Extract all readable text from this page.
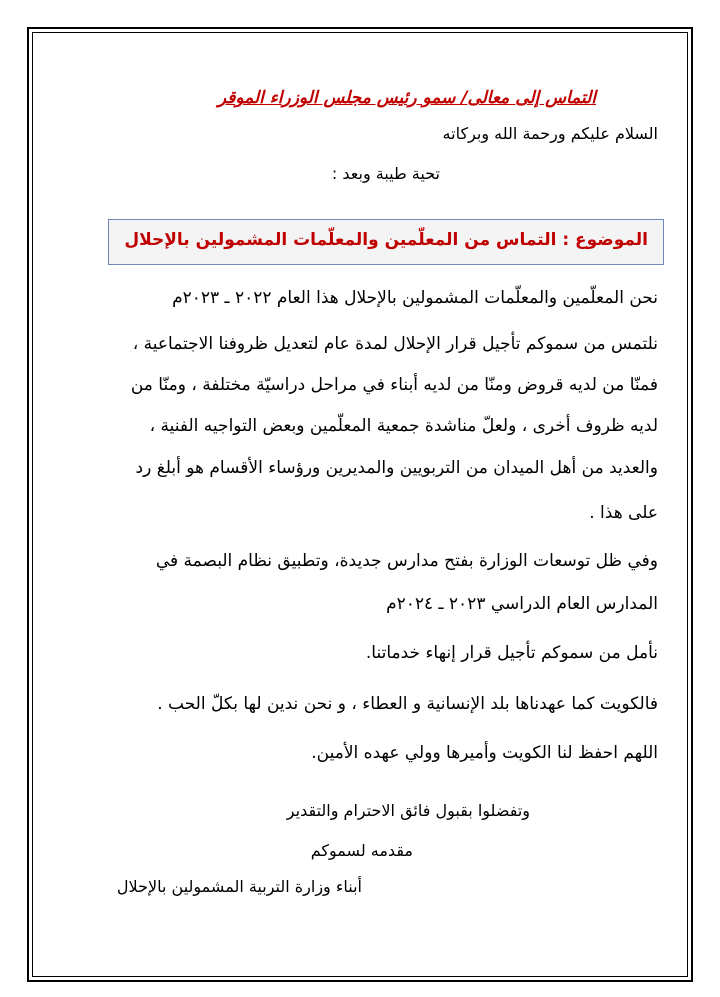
التماس إلى معالى/ سمو رئيس مجلس الوزراء الموقر
السلام عليكم ورحمة الله وبركاته
تحية طيبة وبعد :
الموضوع : التماس من المعلّمين والمعلّمات المشمولين بالإحلال
نحن المعلّمين والمعلّمات المشمولين بالإحلال هذا العام ٢٠٢٢ ـ ٢٠٢٣م
نلتمس من سموكم تأجيل قرار الإحلال لمدة عام لتعديل ظروفنا الاجتماعية ،
فمنّا من لديه قروض ومنّا من لديه أبناء في مراحل دراسيّة مختلفة ، ومنّا من
لديه ظروف أخرى ، ولعلّ مناشدة جمعية المعلّمين وبعض التواجيه الفنية ،
والعديد من أهل الميدان من التربويين والمديرين ورؤساء الأقسام هو أبلغ رد
على هذا .
وفي ظل توسعات الوزارة بفتح مدارس جديدة، وتطبيق نظام البصمة في
المدارس العام الدراسي ٢٠٢٣ ـ ٢٠٢٤م
نأمل من سموكم تأجيل قرار إنهاء خدماتنا.
فالكويت كما عهدناها بلد الإنسانية و العطاء ، و نحن ندين لها بكلّ الحب .
اللهم احفظ لنا الكويت وأميرها وولي عهده الأمين.
وتفضلوا بقبول فائق الاحترام والتقدير
مقدمه لسموكم
أبناء وزارة التربية المشمولين بالإحلال
